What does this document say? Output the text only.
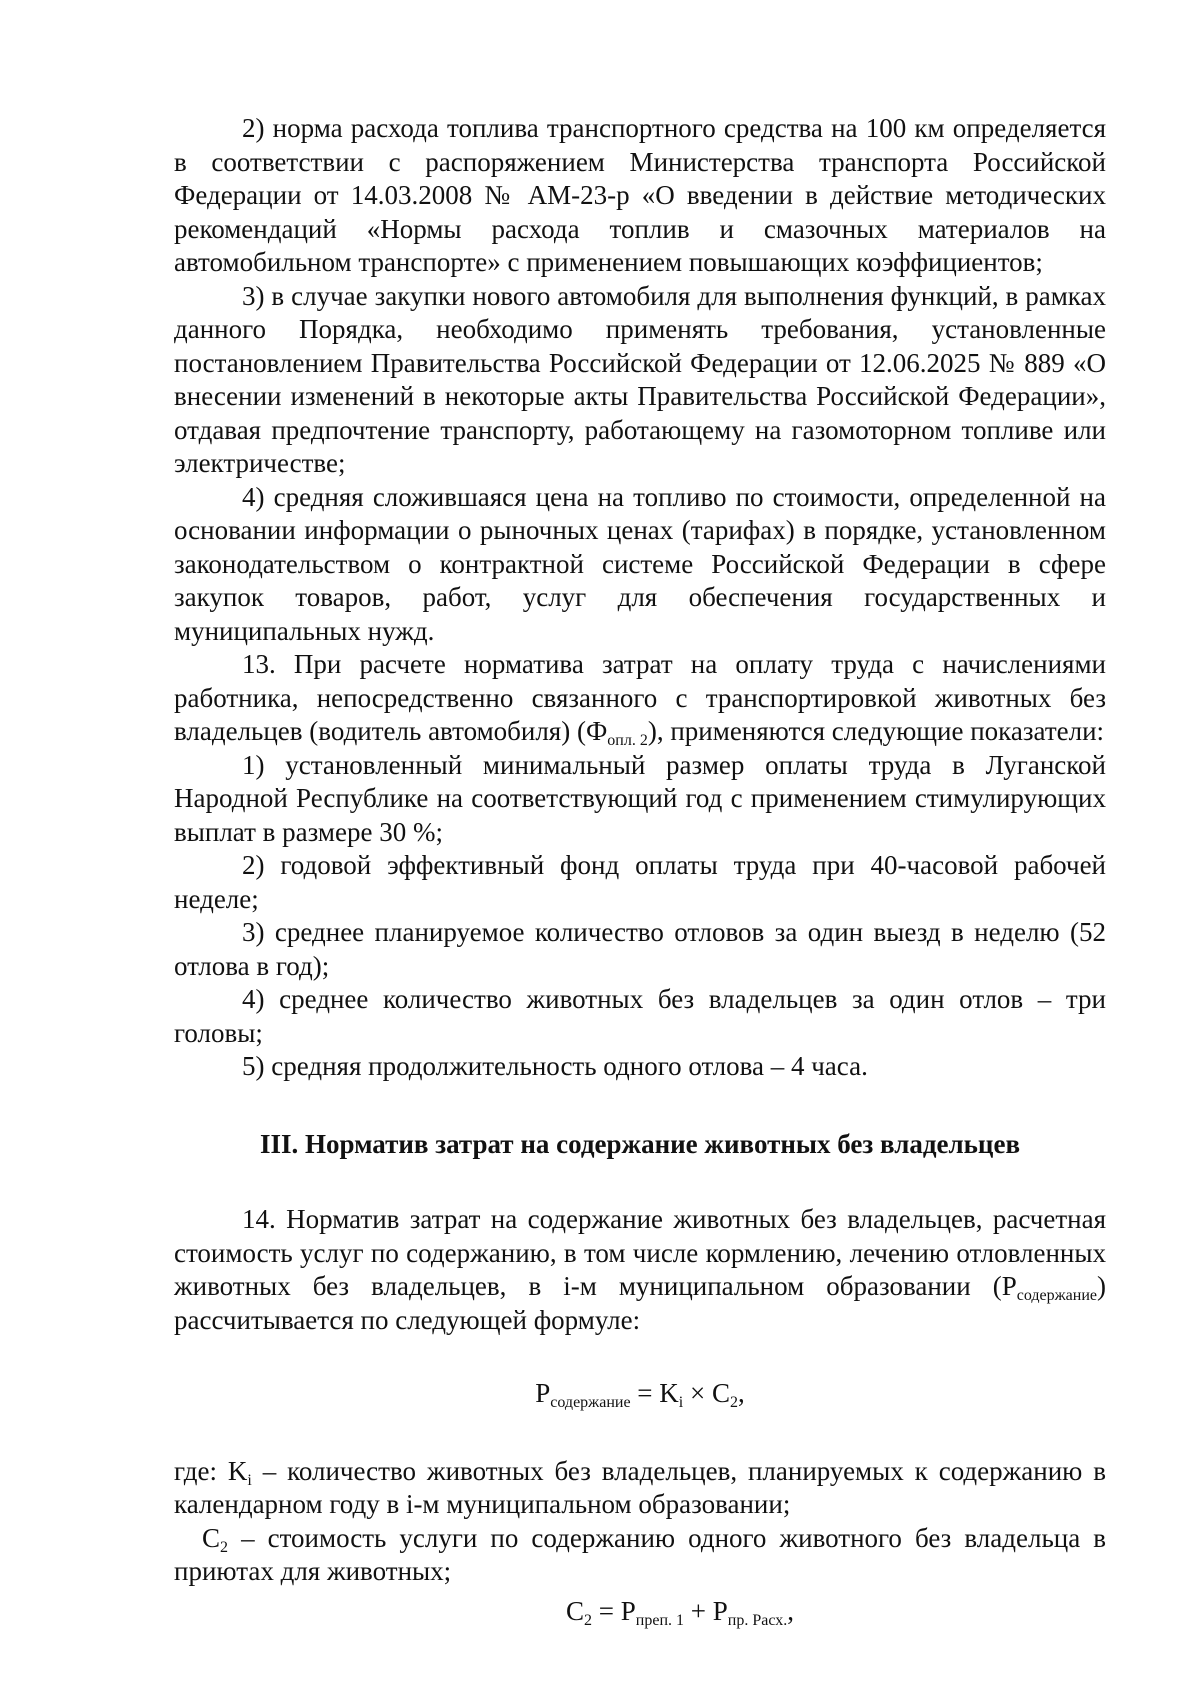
2) норма расхода топлива транспортного средства на 100 км определяется в соответствии с распоряжением Министерства транспорта Российской Федерации от 14.03.2008 № АМ-23-р «О введении в действие методических рекомендаций «Нормы расхода топлив и смазочных материалов на автомобильном транспорте» с применением повышающих коэффициентов;

3) в случае закупки нового автомобиля для выполнения функций, в рамках данного Порядка, необходимо применять требования, установленные постановлением Правительства Российской Федерации от 12.06.2025 № 889 «О внесении изменений в некоторые акты Правительства Российской Федерации», отдавая предпочтение транспорту, работающему на газомоторном топливе или электричестве;

4) средняя сложившаяся цена на топливо по стоимости, определенной на основании информации о рыночных ценах (тарифах) в порядке, установленном законодательством о контрактной системе Российской Федерации в сфере закупок товаров, работ, услуг для обеспечения государственных и муниципальных нужд.

13. При расчете норматива затрат на оплату труда с начислениями работника, непосредственно связанного с транспортировкой животных без владельцев (водитель автомобиля) $(Ф_{опл. 2})$, применяются следующие показатели:

1) установленный минимальный размер оплаты труда в Луганской Народной Республике на соответствующий год с применением стимулирующих выплат в размере 30 %;

2) годовой эффективный фонд оплаты труда при 40-часовой рабочей неделе;

3) среднее планируемое количество отловов за один выезд в неделю (52 отлова в год);

4) среднее количество животных без владельцев за один отлов – три головы;

5) средняя продолжительность одного отлова – 4 часа.

III. Норматив затрат на содержание животных без владельцев

14. Норматив затрат на содержание животных без владельцев, расчетная стоимость услуг по содержанию, в том числе кормлению, лечению отловленных животных без владельцев, в i-м муниципальном образовании $(Р_{содержание})$ рассчитывается по следующей формуле:

$Р_{содержание} = K_i \times C_2$,

где: $K_i$ – количество животных без владельцев, планируемых к содержанию в календарном году в i-м муниципальном образовании;

$C_2$ – стоимость услуги по содержанию одного животного без владельца в приютах для животных;

$C_2 = Р_{преп. 1} + Р_{пр. Расх.}$,
